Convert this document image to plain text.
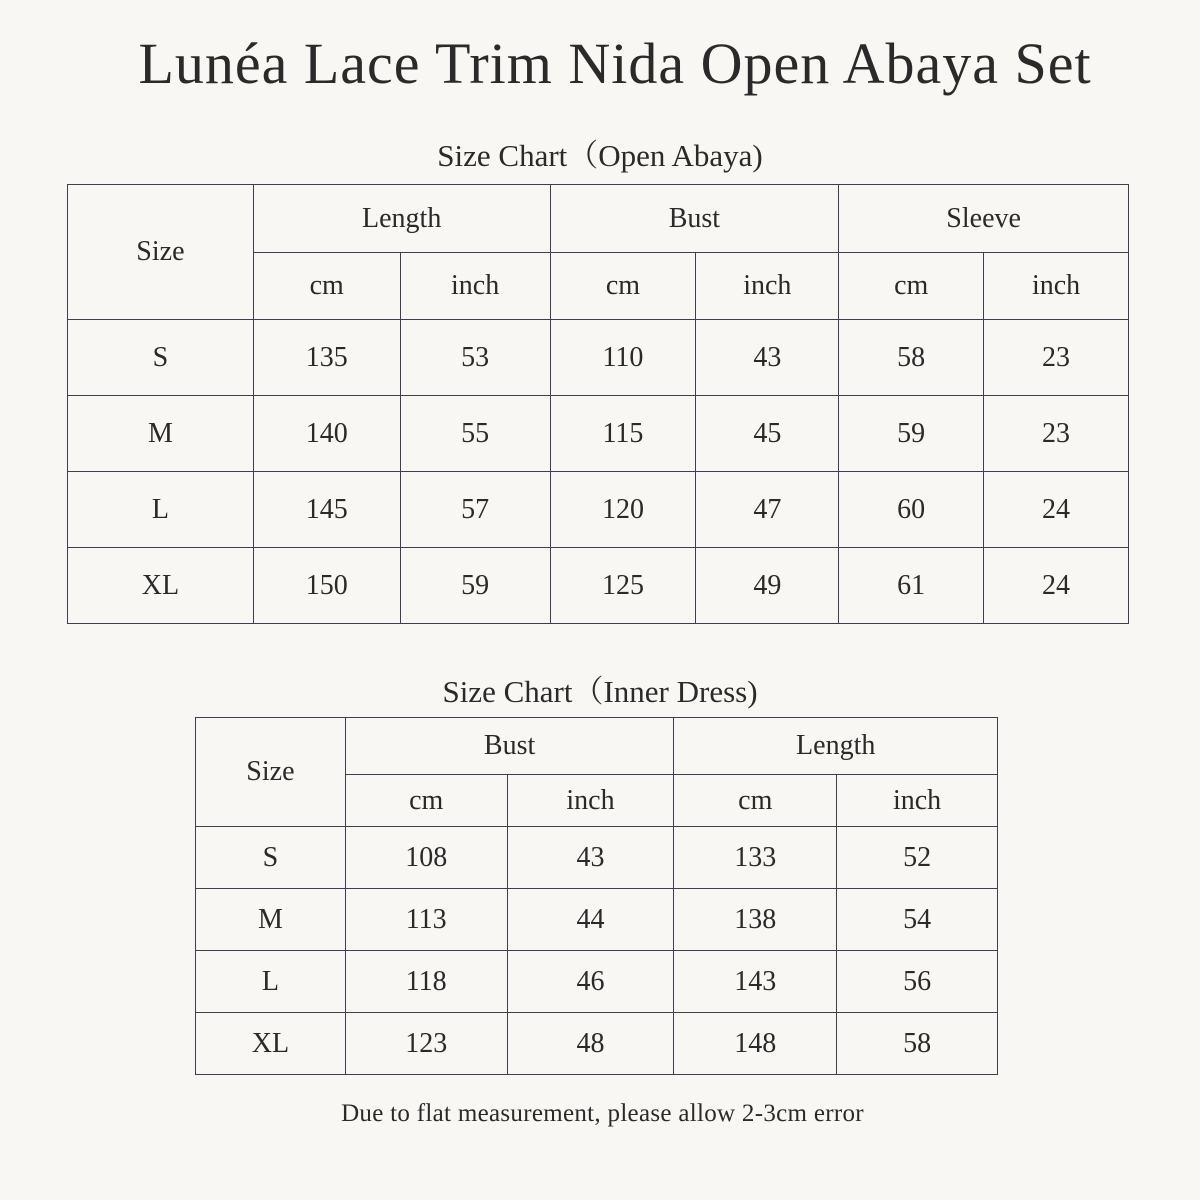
Lunéa Lace Trim Nida Open Abaya Set
Size Chart（Open Abaya)
Size	Length		Bust		Sleeve	
	cm	inch	cm	inch	cm	inch
S	135	53	110	43	58	23
M	140	55	115	45	59	23
L	145	57	120	47	60	24
XL	150	59	125	49	61	24
Size Chart（Inner Dress)
Size	Bust		Length	
	cm	inch	cm	inch
S	108	43	133	52
M	113	44	138	54
L	118	46	143	56
XL	123	48	148	58
Due to flat measurement, please allow 2-3cm error
